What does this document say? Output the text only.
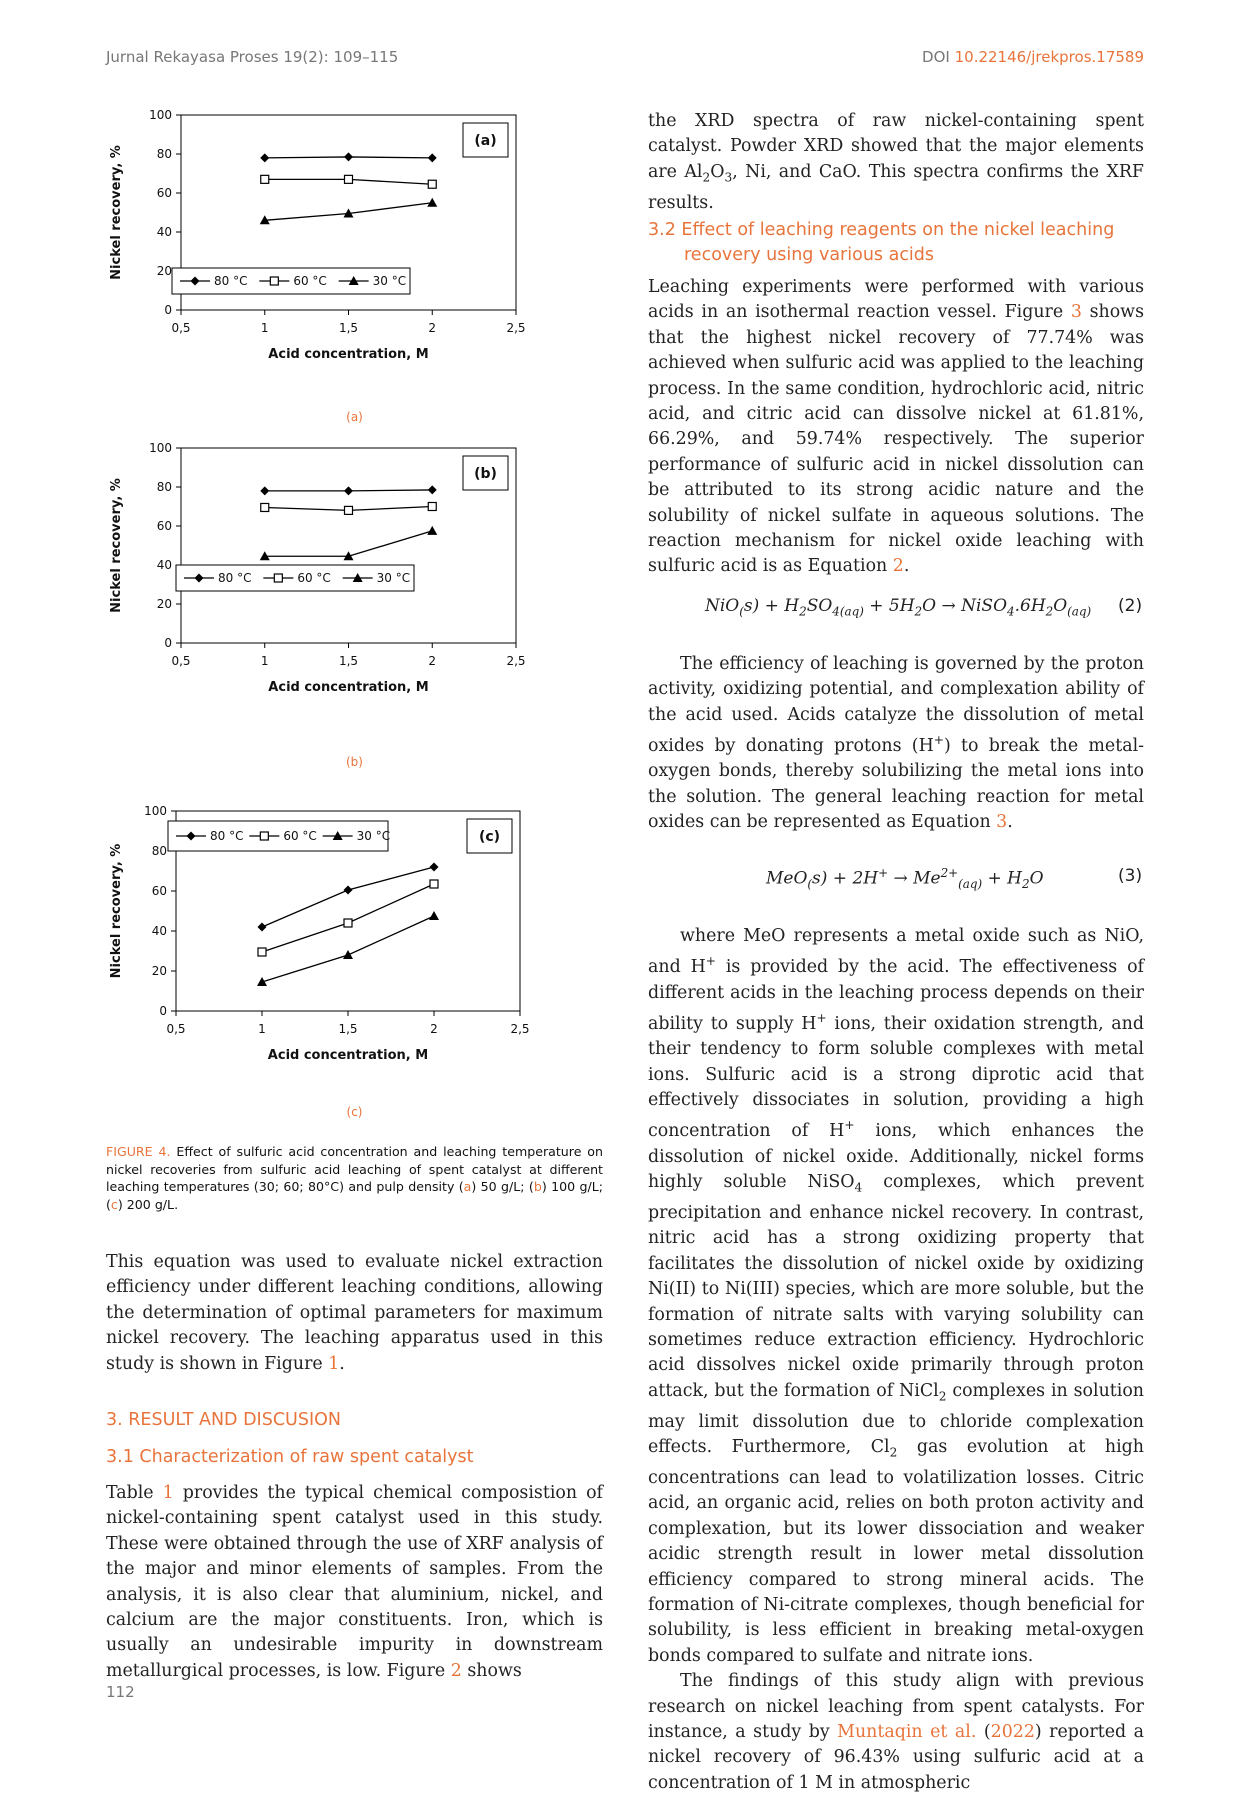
Jurnal Rekayasa Proses 19(2): 109–115	DOI 10.22146/jrekpros.17589
0
20
40
60
80
100
0,5	1	1,5	2	2,5
Acid concentration, M
Nickel recovery, %
(a)
80 °C	60 °C	30 °C
(a)
0
20
40
60
80
100
0,5	1	1,5	2	2,5
Acid concentration, M
Nickel recovery, %
(b)
80 °C	60 °C	30 °C
(b)
0
20
40
60
80
100
0,5	1	1,5	2	2,5
Acid concentration, M
Nickel recovery, %
(c)
80 °C	60 °C	30 °C
(c)
FIGURE 4. Effect of sulfuric acid concentration and leaching temperature on nickel recoveries from sulfuric acid leaching of spent catalyst at different leaching temperatures (30; 60; 80°C) and pulp density (a) 50 g/L; (b) 100 g/L; (c) 200 g/L.

This equation was used to evaluate nickel extraction efficiency under different leaching conditions, allowing the determination of optimal parameters for maximum nickel recovery. The leaching apparatus used in this study is shown in Figure 1.

3. RESULT AND DISCUSION
3.1 Characterization of raw spent catalyst

Table 1 provides the typical chemical composistion of nickel-containing spent catalyst used in this study. These were obtained through the use of XRF analysis of the major and minor elements of samples. From the analysis, it is also clear that aluminium, nickel, and calcium are the major constituents. Iron, which is usually an undesirable impurity in downstream metallurgical processes, is low. Figure 2 shows

the XRD spectra of raw nickel-containing spent catalyst. Powder XRD showed that the major elements are $Al_2O_3$, Ni, and CaO. This spectra confirms the XRF results.

3.2 Effect of leaching reagents on the nickel leaching
recovery using various acids

Leaching experiments were performed with various acids in an isothermal reaction vessel. Figure 3 shows that the highest nickel recovery of 77.74% was achieved when sulfuric acid was applied to the leaching process. In the same condition, hydrochloric acid, nitric acid, and citric acid can dissolve nickel at 61.81%, 66.29%, and 59.74% respectively. The superior performance of sulfuric acid in nickel dissolution can be attributed to its strong acidic nature and the solubility of nickel sulfate in aqueous solutions. The reaction mechanism for nickel oxide leaching with sulfuric acid is as Equation 2.

$NiO_(s) + H_2SO_{4(aq)} + 5H_2O$ → $NiSO_4.6H_2O_{(aq)}$ (2)

The efficiency of leaching is governed by the proton activity, oxidizing potential, and complexation ability of the acid used. Acids catalyze the dissolution of metal oxides by donating protons (H+) to break the metal-oxygen bonds, thereby solubilizing the metal ions into the solution. The general leaching reaction for metal oxides can be represented as Equation 3.

$MeO_(s) + 2H^+ \to Me^{2+}_{(aq)} + H_2O$	(3)

where MeO represents a metal oxide such as NiO, and H+ is provided by the acid. The effectiveness of different acids in the leaching process depends on their ability to supply H+ ions, their oxidation strength, and their tendency to form soluble complexes with metal ions. Sulfuric acid is a strong diprotic acid that effectively dissociates in solution, providing a high concentration of H+ ions, which enhances the dissolution of nickel oxide. Additionally, nickel forms highly soluble NiSO$_4$ complexes, which prevent precipitation and enhance nickel recovery. In contrast, nitric acid has a strong oxidizing property that facilitates the dissolution of nickel oxide by oxidizing Ni(II) to Ni(III) species, which are more soluble, but the formation of nitrate salts with varying solubility can sometimes reduce extraction efficiency. Hydrochloric acid dissolves nickel oxide primarily through proton attack, but the formation of NiCl$_2$ complexes in solution may limit dissolution due to chloride complexation effects. Furthermore, $Cl_2$ gas evolution at high concentrations can lead to volatilization losses. Citric acid, an organic acid, relies on both proton activity and complexation, but its lower dissociation and weaker acidic strength result in lower metal dissolution efficiency compared to strong mineral acids. The formation of Ni-citrate complexes, though beneficial for solubility, is less efficient in breaking metal-oxygen bonds compared to sulfate and nitrate ions.

The findings of this study align with previous research on nickel leaching from spent catalysts. For instance, a study by Muntaqin et al. (2022) reported a nickel recovery of 96.43% using sulfuric acid at a concentration of 1 M in atmospheric

112
